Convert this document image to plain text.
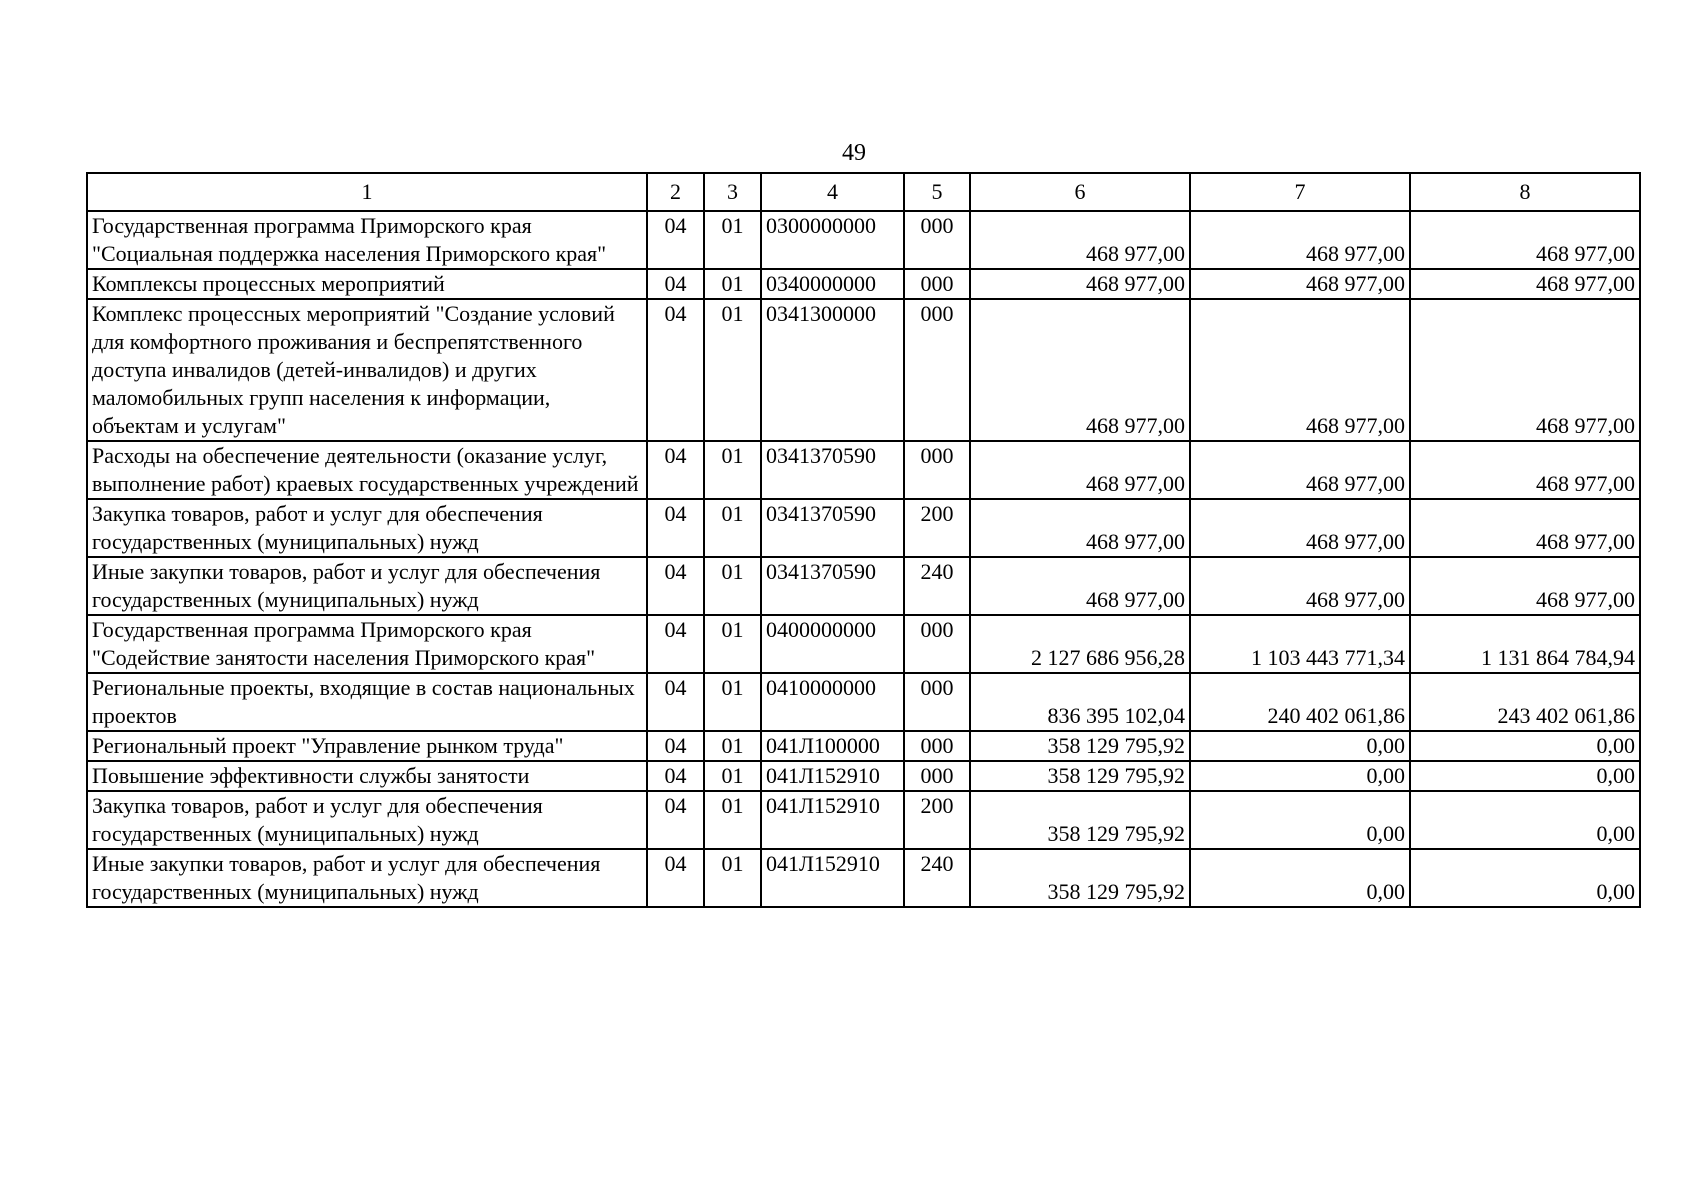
49
1	2	3	4	5	6	7	8
Государственная программа Приморского края "Социальная поддержка населения Приморского края"	04	01	0300000000	000	468 977,00	468 977,00	468 977,00
Комплексы процессных мероприятий	04	01	0340000000	000	468 977,00	468 977,00	468 977,00
Комплекс процессных мероприятий "Создание условий для комфортного проживания и беспрепятственного доступа инвалидов (детей-инвалидов) и других маломобильных групп населения к информации, объектам и услугам"	04	01	0341300000	000	468 977,00	468 977,00	468 977,00
Расходы на обеспечение деятельности (оказание услуг, выполнение работ) краевых государственных учреждений	04	01	0341370590	000	468 977,00	468 977,00	468 977,00
Закупка товаров, работ и услуг для обеспечения государственных (муниципальных) нужд	04	01	0341370590	200	468 977,00	468 977,00	468 977,00
Иные закупки товаров, работ и услуг для обеспечения государственных (муниципальных) нужд	04	01	0341370590	240	468 977,00	468 977,00	468 977,00
Государственная программа Приморского края "Содействие занятости населения Приморского края"	04	01	0400000000	000	2 127 686 956,28	1 103 443 771,34	1 131 864 784,94
Региональные проекты, входящие в состав национальных проектов	04	01	0410000000	000	836 395 102,04	240 402 061,86	243 402 061,86
Региональный проект "Управление рынком труда"	04	01	041Л100000	000	358 129 795,92	0,00	0,00
Повышение эффективности службы занятости	04	01	041Л152910	000	358 129 795,92	0,00	0,00
Закупка товаров, работ и услуг для обеспечения государственных (муниципальных) нужд	04	01	041Л152910	200	358 129 795,92	0,00	0,00
Иные закупки товаров, работ и услуг для обеспечения государственных (муниципальных) нужд	04	01	041Л152910	240	358 129 795,92	0,00	0,00
